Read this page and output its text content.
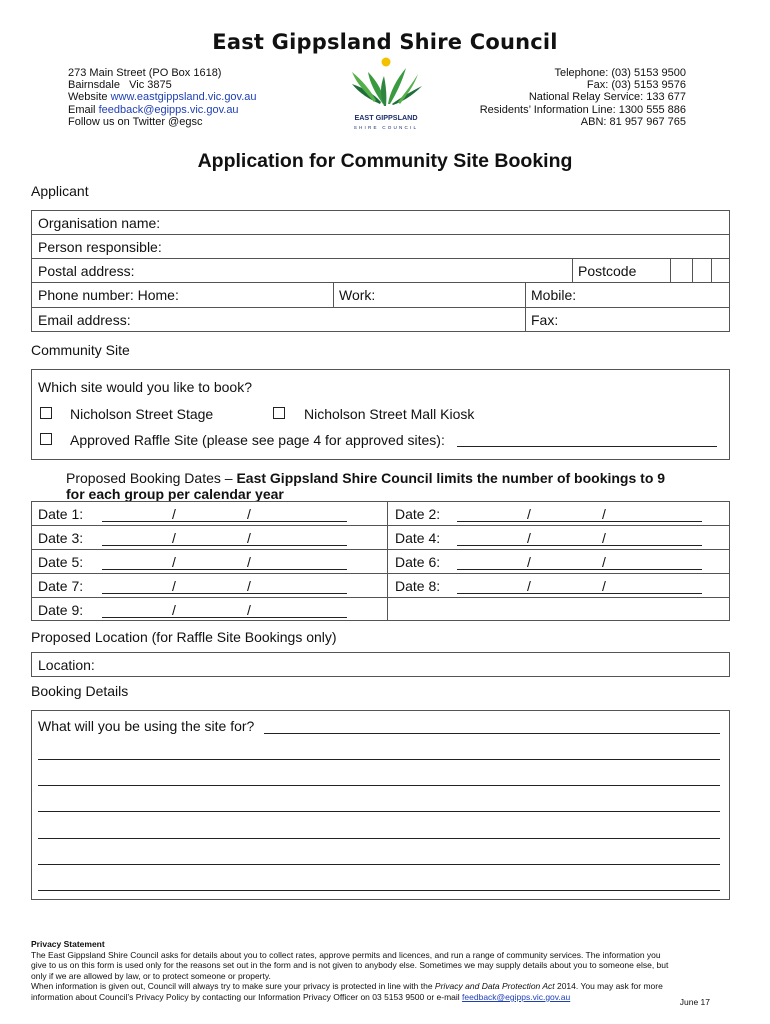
East Gippsland Shire Council
273 Main Street (PO Box 1618)
Bairnsdale   Vic 3875
Website www.eastgippsland.vic.gov.au
Email feedback@egipps.vic.gov.au
Follow us on Twitter @egsc	EAST GIPPSLAND
SHIRE COUNCIL
Telephone: (03) 5153 9500
Fax: (03) 5153 9576
National Relay Service: 133 677
Residents’ Information Line: 1300 555 886
ABN: 81 957 967 765
Application for Community Site Booking
Applicant
Organisation name:
Person responsible:
Postal address:	Postcode
Phone number: Home:	Work:	Mobile:
Email address:	Fax:
Community Site
Which site would you like to book?
Nicholson Street Stage	Nicholson Street Mall Kiosk
Approved Raffle Site (please see page 4 for approved sites):
Proposed Booking Dates – East Gippsland Shire Council limits the number of bookings to 9
for each group per calendar year
Date 1:	/	/	Date 2:	/	/
Date 3:	/	/	Date 4:	/	/
Date 5:	/	/	Date 6:	/	/
Date 7:	/	/	Date 8:	/	/
Date 9:	/	/
Proposed Location (for Raffle Site Bookings only)
Location:
Booking Details
What will you be using the site for?
Privacy Statement
The East Gippsland Shire Council asks for details about you to collect rates, approve permits and licences, and run a range of community services. The information you
give to us on this form is used only for the reasons set out in the form and is not given to anybody else. Sometimes we may supply details about you to someone else, but
only if we are allowed by law, or to protect someone or property.
When information is given out, Council will always try to make sure your privacy is protected in line with the Privacy and Data Protection Act 2014. You may ask for more
information about Council’s Privacy Policy by contacting our Information Privacy Officer on 03 5153 9500 or e-mail feedback@egipps.vic.gov.au
June 17
